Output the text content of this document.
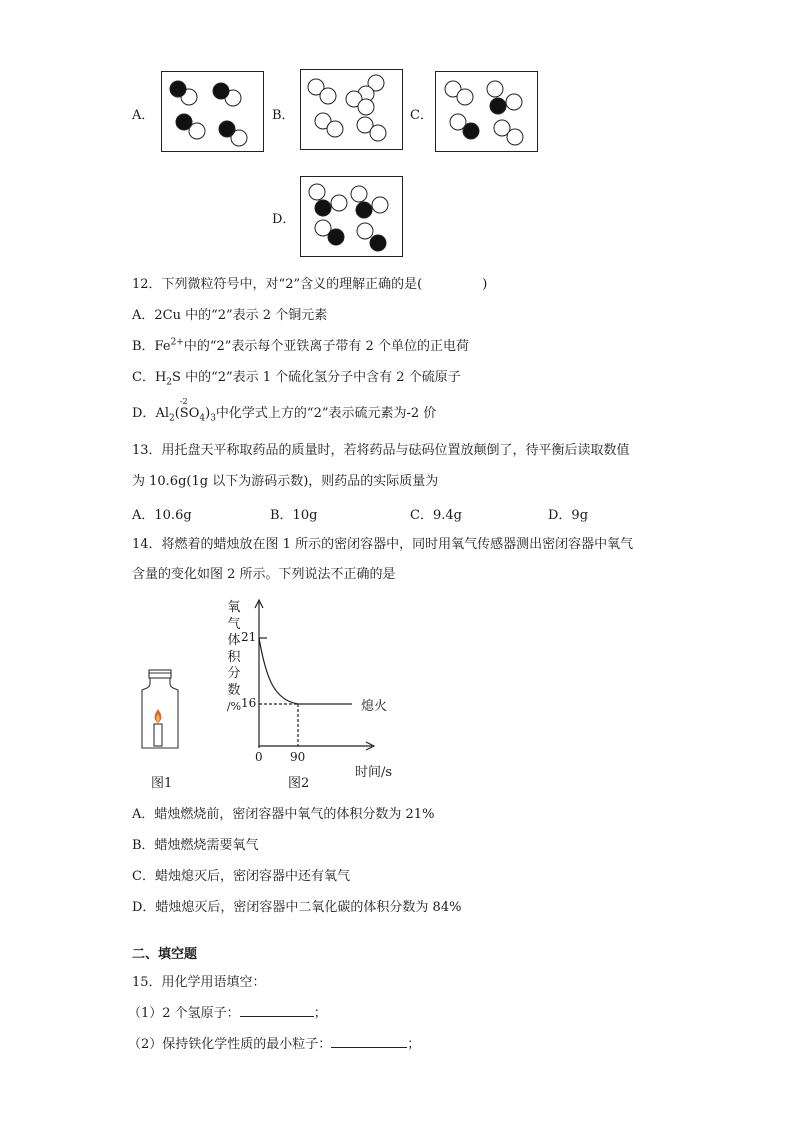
A．	B．	C．
D．
12．下列微粒符号中，对“2”含义的理解正确的是(	)
A．2Cu 中的“2”表示 2 个铜元素
B．$Fe^{2+}$中的“2”表示每个亚铁离子带有 2 个单位的正电荷
C．$H_2S$ 中的“2”表示 1 个硫化氢分子中含有 2 个硫原子
D．$Al_2(S$
-2
$O_4)_3$中化学式上方的“2”表示硫元素为-2 价
13．用托盘天平称取药品的质量时，若将药品与砝码位置放颠倒了，待平衡后读取数值
为 10.6g(1g 以下为游码示数)，则药品的实际质量为
A．10.6g	B．10g	C．9.4g	D．9g
14．将燃着的蜡烛放在图 1 所示的密闭容器中，同时用氧气传感器测出密闭容器中氧气
含量的变化如图 2 所示。下列说法不正确的是
图1
氧
气
体
积
分
数
/%
21
16
0 90
熄火
时间/s
图2
A．蜡烛燃烧前，密闭容器中氧气的体积分数为 21%
B．蜡烛燃烧需要氧气
C．蜡烛熄灭后，密闭容器中还有氧气
D．蜡烛熄灭后，密闭容器中二氧化碳的体积分数为 84%
二、填空题
15．用化学用语填空：
（1）2 个氢原子：	；
（2）保持铁化学性质的最小粒子：	；
